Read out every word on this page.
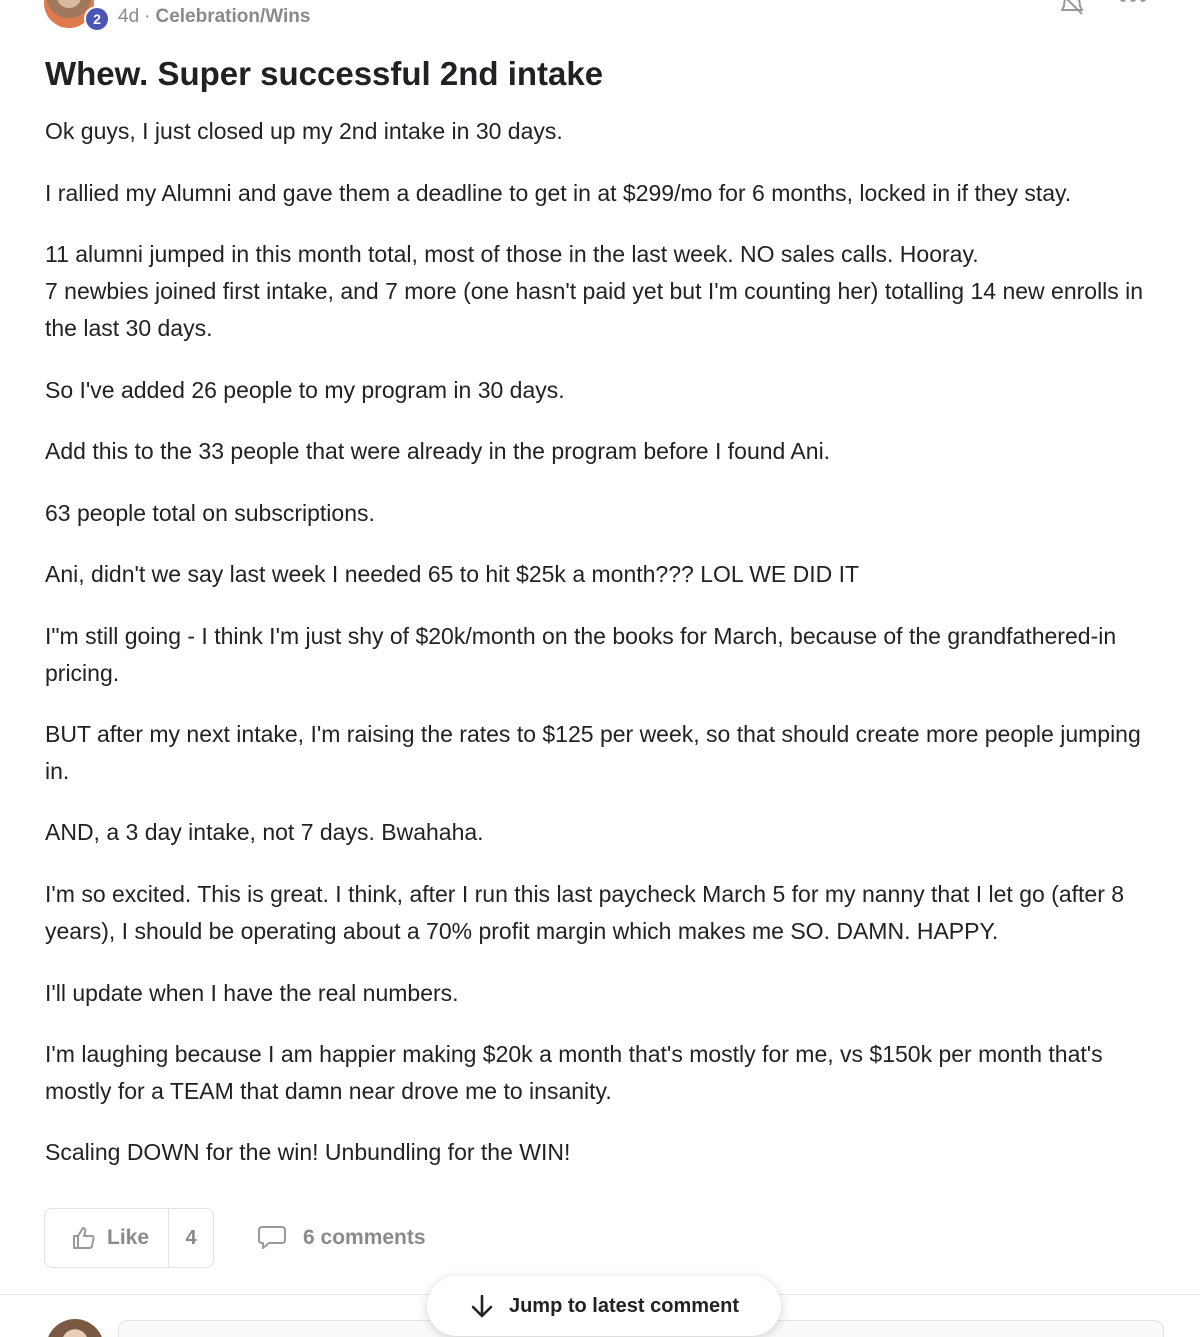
2 4d · Celebration/Wins
Whew. Super successful 2nd intake

Ok guys, I just closed up my 2nd intake in 30 days.

I rallied my Alumni and gave them a deadline to get in at $299/mo for 6 months, locked in if they stay.

11 alumni jumped in this month total, most of those in the last week. NO sales calls. Hooray.

7 newbies joined first intake, and 7 more (one hasn't paid yet but I'm counting her) totalling 14 new enrolls in the last 30 days.

So I've added 26 people to my program in 30 days.

Add this to the 33 people that were already in the program before I found Ani.

63 people total on subscriptions.

Ani, didn't we say last week I needed 65 to hit $25k a month??? LOL WE DID IT

I"m still going - I think I'm just shy of $20k/month on the books for March, because of the grandfathered-in pricing.

BUT after my next intake, I'm raising the rates to $125 per week, so that should create more people jumping in.

AND, a 3 day intake, not 7 days. Bwahaha.

I'm so excited. This is great. I think, after I run this last paycheck March 5 for my nanny that I let go (after 8 years), I should be operating about a 70% profit margin which makes me SO. DAMN. HAPPY.

I'll update when I have the real numbers.

I'm laughing because I am happier making $20k a month that's mostly for me, vs $150k per month that's mostly for a TEAM that damn near drove me to insanity.

Scaling DOWN for the win! Unbundling for the WIN!

Like	4	6 comments
Jump to latest comment
